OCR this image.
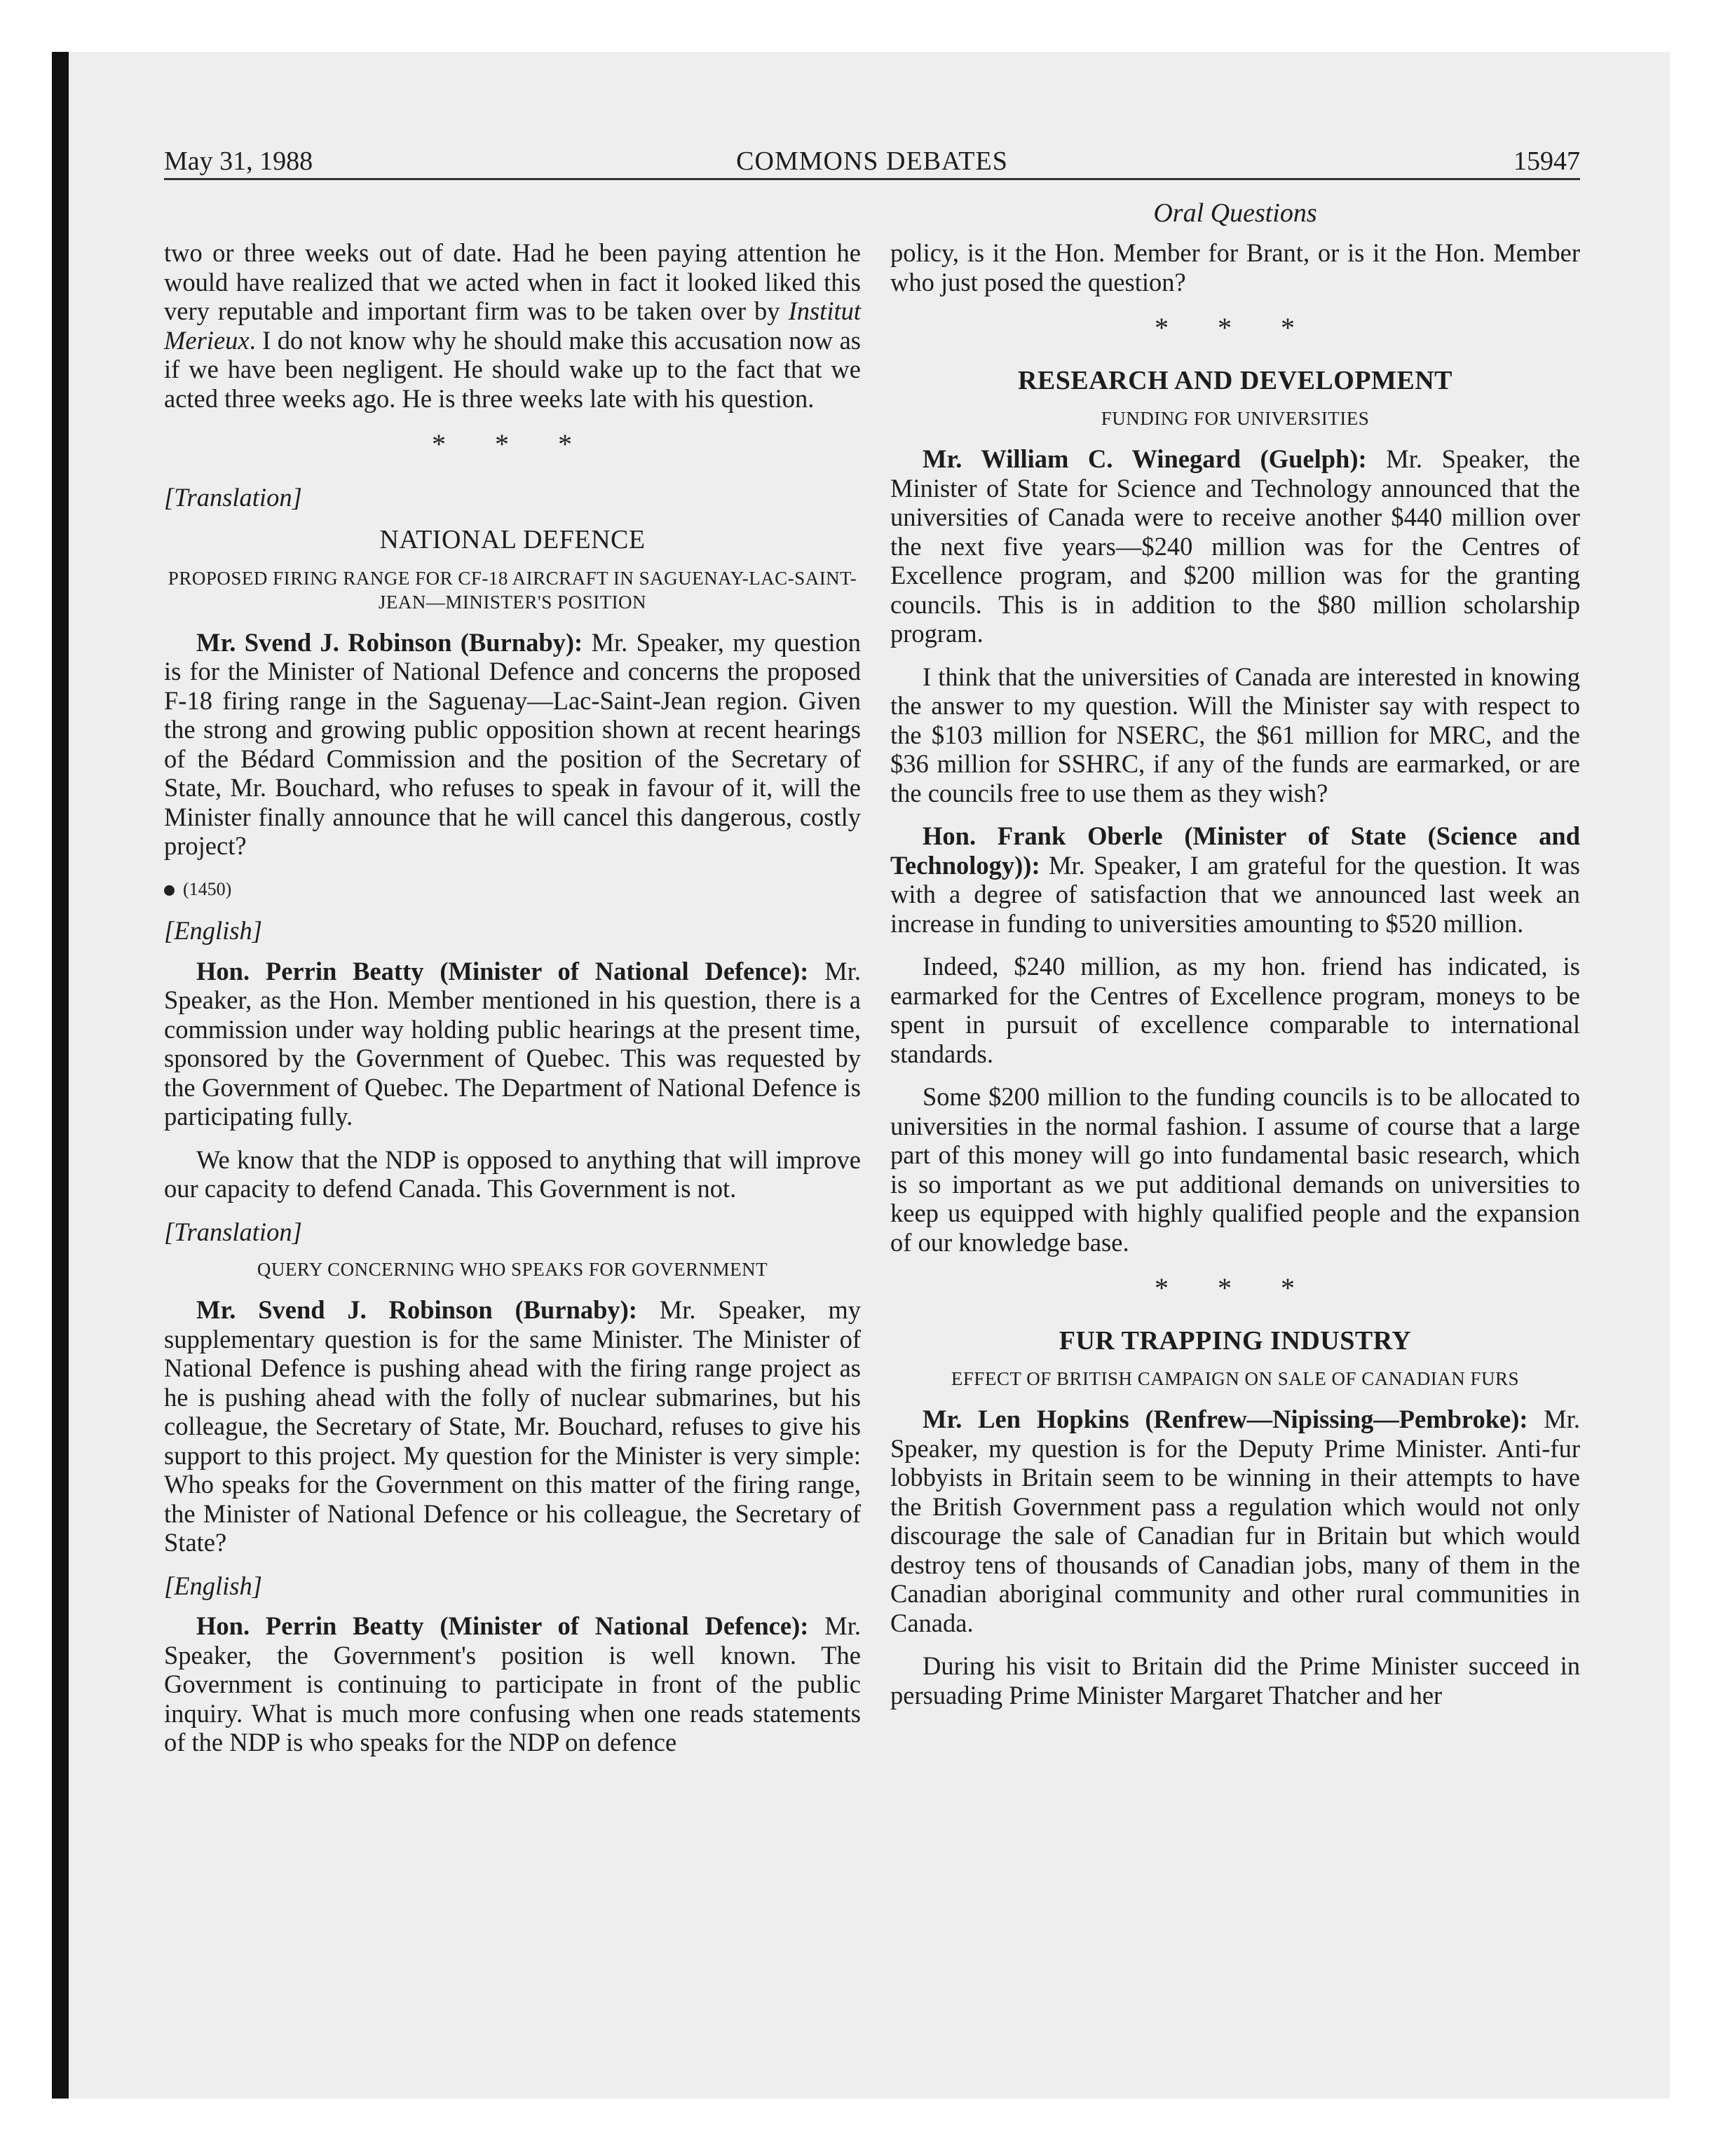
May 31, 1988	COMMONS DEBATES	15947
Oral Questions

two or three weeks out of date. Had he been paying attention he would have realized that we acted when in fact it looked liked this very reputable and important firm was to be taken over by Institut Merieux. I do not know why he should make this accusation now as if we have been negligent. He should wake up to the fact that we acted three weeks ago. He is three weeks late with his question.

* * *
[Translation]
NATIONAL DEFENCE
PROPOSED FIRING RANGE FOR CF-18 AIRCRAFT IN SAGUENAY-LAC-SAINT-JEAN—MINISTER'S POSITION

Mr. Svend J. Robinson (Burnaby): Mr. Speaker, my question is for the Minister of National Defence and concerns the proposed F-18 firing range in the Saguenay—Lac-Saint-Jean region. Given the strong and growing public opposition shown at recent hearings of the Bédard Commission and the position of the Secretary of State, Mr. Bouchard, who refuses to speak in favour of it, will the Minister finally announce that he will cancel this dangerous, costly project?

(1450)
[English]

Hon. Perrin Beatty (Minister of National Defence): Mr. Speaker, as the Hon. Member mentioned in his question, there is a commission under way holding public hearings at the present time, sponsored by the Government of Quebec. This was requested by the Government of Quebec. The Department of National Defence is participating fully.

We know that the NDP is opposed to anything that will improve our capacity to defend Canada. This Government is not.

[Translation]
QUERY CONCERNING WHO SPEAKS FOR GOVERNMENT

Mr. Svend J. Robinson (Burnaby): Mr. Speaker, my supplementary question is for the same Minister. The Minister of National Defence is pushing ahead with the firing range project as he is pushing ahead with the folly of nuclear submarines, but his colleague, the Secretary of State, Mr. Bouchard, refuses to give his support to this project. My question for the Minister is very simple: Who speaks for the Government on this matter of the firing range, the Minister of National Defence or his colleague, the Secretary of State?

[English]

Hon. Perrin Beatty (Minister of National Defence): Mr. Speaker, the Government's position is well known. The Government is continuing to participate in front of the public inquiry. What is much more confusing when one reads statements of the NDP is who speaks for the NDP on defence

policy, is it the Hon. Member for Brant, or is it the Hon. Member who just posed the question?

* * *
RESEARCH AND DEVELOPMENT
FUNDING FOR UNIVERSITIES

Mr. William C. Winegard (Guelph): Mr. Speaker, the Minister of State for Science and Technology announced that the universities of Canada were to receive another $440 million over the next five years—$240 million was for the Centres of Excellence program, and $200 million was for the granting councils. This is in addition to the $80 million scholarship program.

I think that the universities of Canada are interested in knowing the answer to my question. Will the Minister say with respect to the $103 million for NSERC, the $61 million for MRC, and the $36 million for SSHRC, if any of the funds are earmarked, or are the councils free to use them as they wish?

Hon. Frank Oberle (Minister of State (Science and Technology)): Mr. Speaker, I am grateful for the question. It was with a degree of satisfaction that we announced last week an increase in funding to universities amounting to $520 million.

Indeed, $240 million, as my hon. friend has indicated, is earmarked for the Centres of Excellence program, moneys to be spent in pursuit of excellence comparable to international standards.

Some $200 million to the funding councils is to be allocated to universities in the normal fashion. I assume of course that a large part of this money will go into fundamental basic research, which is so important as we put additional demands on universities to keep us equipped with highly qualified people and the expansion of our knowledge base.

* * *
FUR TRAPPING INDUSTRY
EFFECT OF BRITISH CAMPAIGN ON SALE OF CANADIAN FURS

Mr. Len Hopkins (Renfrew—Nipissing—Pembroke): Mr. Speaker, my question is for the Deputy Prime Minister. Anti-fur lobbyists in Britain seem to be winning in their attempts to have the British Government pass a regulation which would not only discourage the sale of Canadian fur in Britain but which would destroy tens of thousands of Canadian jobs, many of them in the Canadian aboriginal community and other rural communities in Canada.

During his visit to Britain did the Prime Minister succeed in persuading Prime Minister Margaret Thatcher and her
